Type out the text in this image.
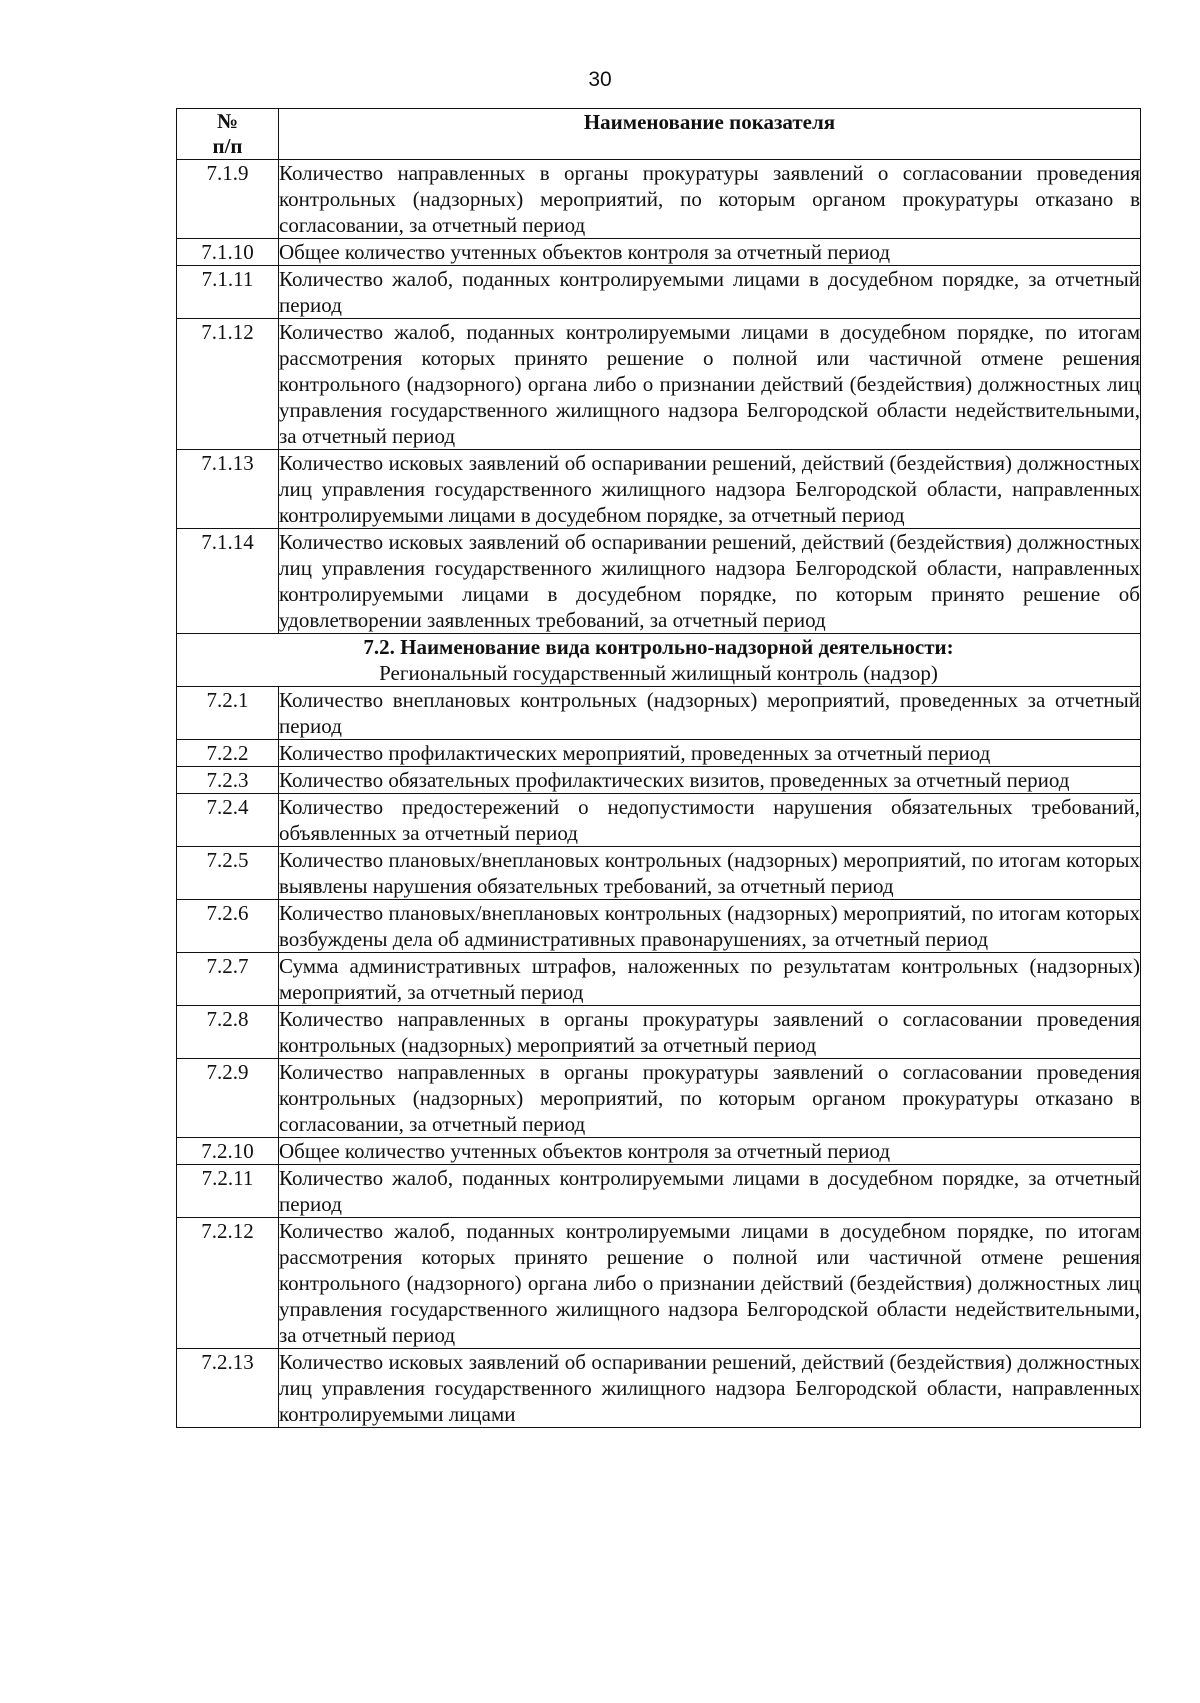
30
№
п/п	Наименование показателя
7.1.9	Количество направленных в органы прокуратуры заявлений о согласовании проведения контрольных (надзорных) мероприятий, по которым органом прокуратуры отказано в согласовании, за отчетный период
7.1.10	Общее количество учтенных объектов контроля за отчетный период
7.1.11	Количество жалоб, поданных контролируемыми лицами в досудебном порядке, за отчетный период
7.1.12	Количество жалоб, поданных контролируемыми лицами в досудебном порядке, по итогам рассмотрения которых принято решение о полной или частичной отмене решения контрольного (надзорного) органа либо о признании действий (бездействия) должностных лиц управления государственного жилищного надзора Белгородской области недействительными, за отчетный период
7.1.13	Количество исковых заявлений об оспаривании решений, действий (бездействия) должностных лиц управления государственного жилищного надзора Белгородской области, направленных контролируемыми лицами в досудебном порядке, за отчетный период
7.1.14	Количество исковых заявлений об оспаривании решений, действий (бездействия) должностных лиц управления государственного жилищного надзора Белгородской области, направленных контролируемыми лицами в досудебном порядке, по которым принято решение об удовлетворении заявленных требований, за отчетный период

7.2. Наименование вида контрольно-надзорной деятельности:
Региональный государственный жилищный контроль (надзор)	

7.2.1	Количество внеплановых контрольных (надзорных) мероприятий, проведенных за отчетный период
7.2.2	Количество профилактических мероприятий, проведенных за отчетный период
7.2.3	Количество обязательных профилактических визитов, проведенных за отчетный период
7.2.4	Количество предостережений о недопустимости нарушения обязательных требований, объявленных за отчетный период
7.2.5	Количество плановых/внеплановых контрольных (надзорных) мероприятий, по итогам которых выявлены нарушения обязательных требований, за отчетный период
7.2.6	Количество плановых/внеплановых контрольных (надзорных) мероприятий, по итогам которых возбуждены дела об административных правонарушениях, за отчетный период
7.2.7	Сумма административных штрафов, наложенных по результатам контрольных (надзорных) мероприятий, за отчетный период
7.2.8	Количество направленных в органы прокуратуры заявлений о согласовании проведения контрольных (надзорных) мероприятий за отчетный период
7.2.9	Количество направленных в органы прокуратуры заявлений о согласовании проведения контрольных (надзорных) мероприятий, по которым органом прокуратуры отказано в согласовании, за отчетный период
7.2.10	Общее количество учтенных объектов контроля за отчетный период
7.2.11	Количество жалоб, поданных контролируемыми лицами в досудебном порядке, за отчетный период
7.2.12	Количество жалоб, поданных контролируемыми лицами в досудебном порядке, по итогам рассмотрения которых принято решение о полной или частичной отмене решения контрольного (надзорного) органа либо о признании действий (бездействия) должностных лиц управления государственного жилищного надзора Белгородской области недействительными, за отчетный период
7.2.13	Количество исковых заявлений об оспаривании решений, действий (бездействия) должностных лиц управления государственного жилищного надзора Белгородской области, направленных контролируемыми лицами
